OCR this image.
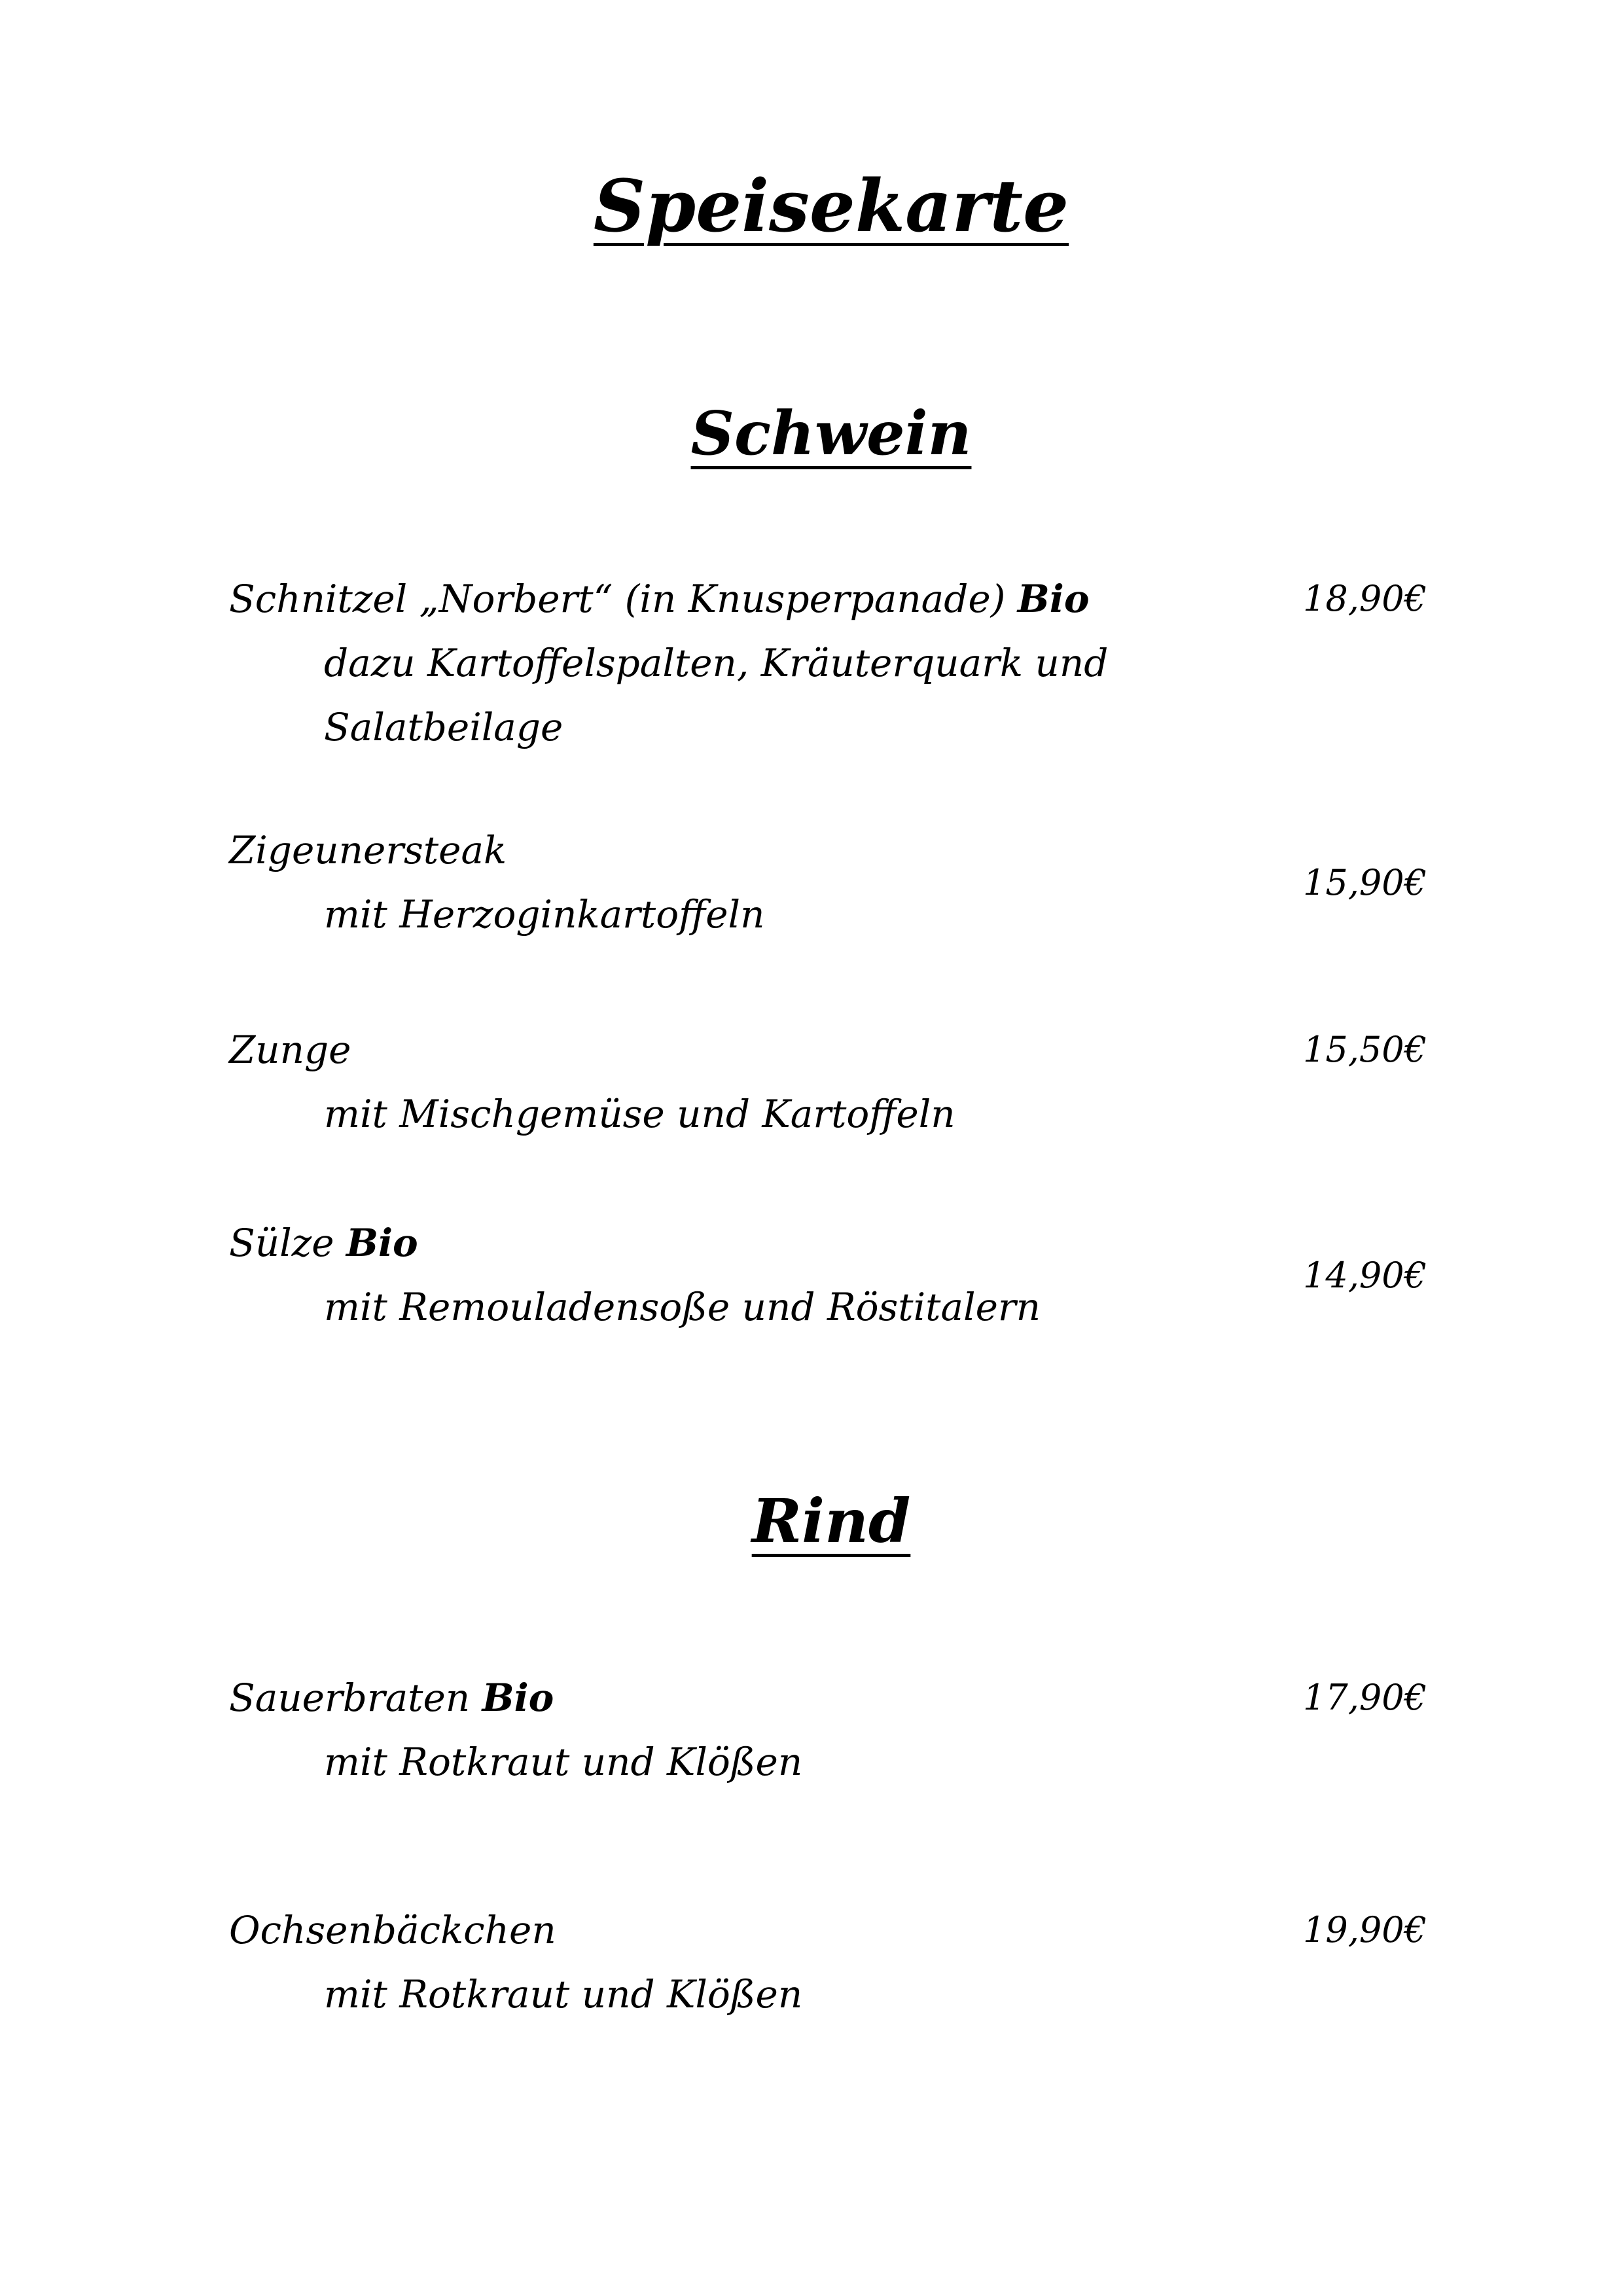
Speisekarte
Schwein
Schnitzel „Norbert“ (in Knusperpanade) Bio
dazu Kartoffelspalten, Kräuterquark und Salatbeilage
18,90€
Zigeunersteak
mit Herzoginkartoffeln
15,90€
Zunge
mit Mischgemüse und Kartoffeln
15,50€
Sülze Bio
mit Remouladensoße und Röstitalern
14,90€
Rind
Sauerbraten Bio
mit Rotkraut und Klößen
17,90€
Ochsenbäckchen
mit Rotkraut und Klößen
19,90€
